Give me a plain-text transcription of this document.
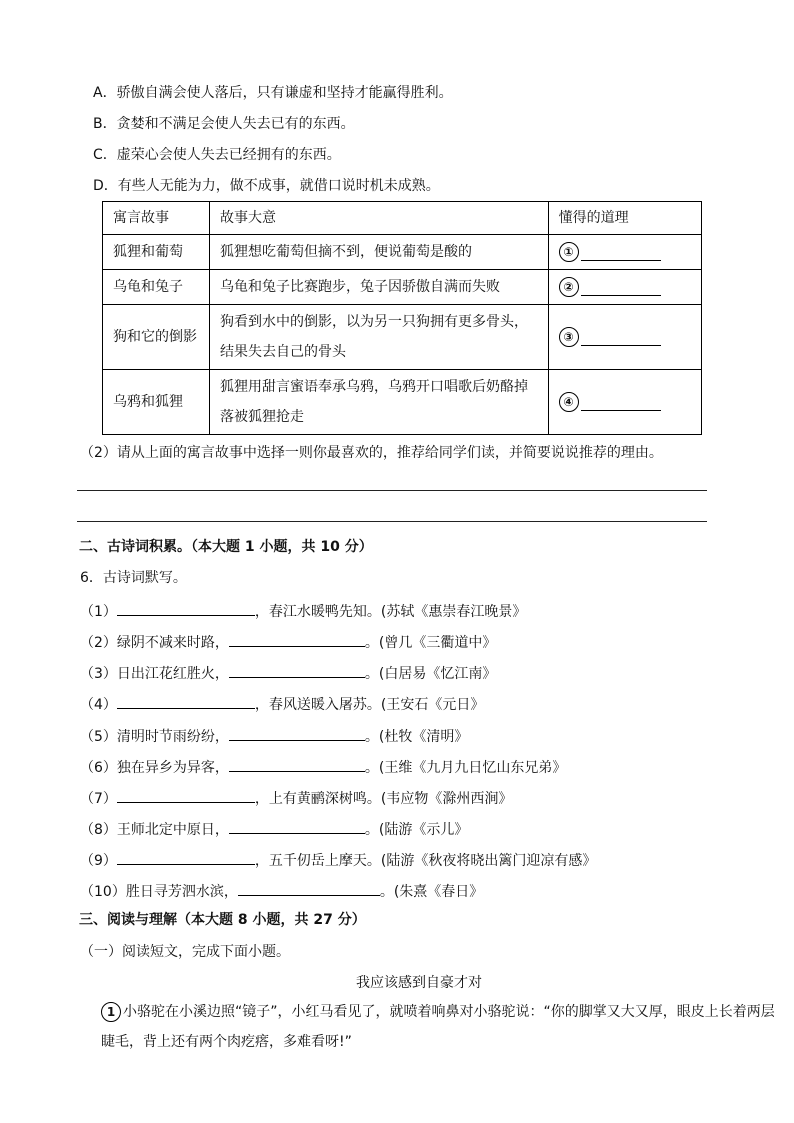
A．骄傲自满会使人落后，只有谦虚和坚持才能赢得胜利。
B．贪婪和不满足会使人失去已有的东西。
C．虚荣心会使人失去已经拥有的东西。
D．有些人无能为力，做不成事，就借口说时机未成熟。
寓言故事	故事大意	懂得的道理
狐狸和葡萄	狐狸想吃葡萄但摘不到，便说葡萄是酸的	①
乌龟和兔子	乌龟和兔子比赛跑步，兔子因骄傲自满而失败	②
狗和它的倒影	狗看到水中的倒影，以为另一只狗拥有更多骨头，结果失去自己的骨头	③
乌鸦和狐狸	狐狸用甜言蜜语奉承乌鸦，乌鸦开口唱歌后奶酪掉落被狐狸抢走	④
（2）请从上面的寓言故事中选择一则你最喜欢的，推荐给同学们读，并简要说说推荐的理由。
二、古诗词积累。（本大题 1 小题，共 10 分）
6．古诗词默写。
（1）	，春江水暖鸭先知。(苏轼《惠崇春江晚景》
（2）绿阴不减来时路，	。(曾几《三衢道中》
（3）日出江花红胜火，	。(白居易《忆江南》
（4）	，春风送暖入屠苏。(王安石《元日》
（5）清明时节雨纷纷，	。(杜牧《清明》
（6）独在异乡为异客，	。(王维《九月九日忆山东兄弟》
（7）	，上有黄鹂深树鸣。(韦应物《滁州西涧》
（8）王师北定中原日，	。(陆游《示儿》
（9）	，五千仞岳上摩天。(陆游《秋夜将晓出篱门迎凉有感》
（10）胜日寻芳泗水滨，	。(朱熹《春日》
三、阅读与理解（本大题 8 小题，共 27 分）
（一）阅读短文，完成下面小题。
我应该感到自豪才对
1 小骆驼在小溪边照“镜子”，小红马看见了，就喷着响鼻对小骆驼说：“你的脚掌又大又厚，眼皮上长着两层睫毛，背上还有两个肉疙瘩，多难看呀!”
